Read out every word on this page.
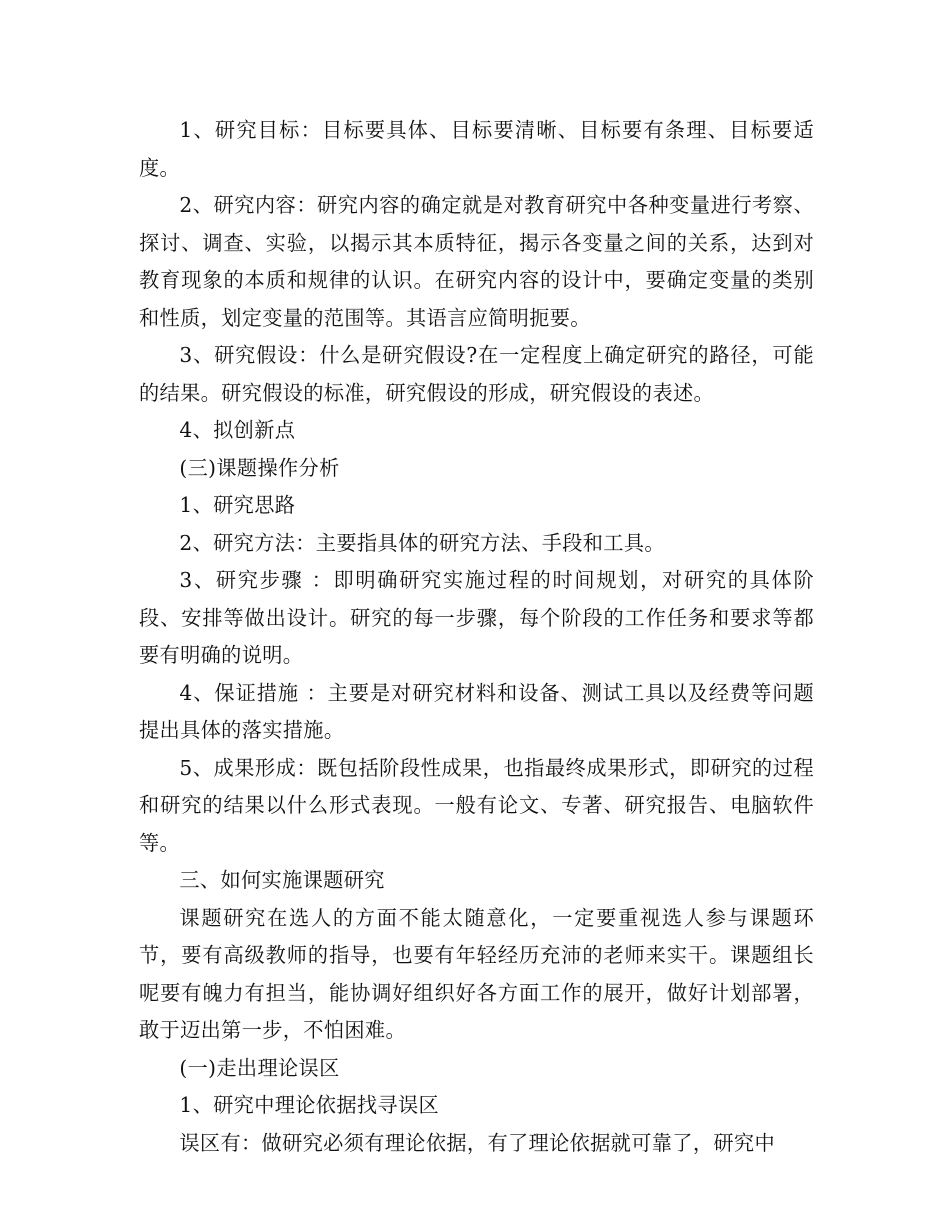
1、研究目标：目标要具体、目标要清晰、目标要有条理、目标要适度。

2、研究内容：研究内容的确定就是对教育研究中各种变量进行考察、探讨、调查、实验，以揭示其本质特征，揭示各变量之间的关系，达到对教育现象的本质和规律的认识。在研究内容的设计中，要确定变量的类别和性质，划定变量的范围等。其语言应简明扼要。

3、研究假设：什么是研究假设?在一定程度上确定研究的路径，可能的结果。研究假设的标准，研究假设的形成，研究假设的表述。

4、拟创新点

(三)课题操作分析

1、研究思路

2、研究方法：主要指具体的研究方法、手段和工具。

3、研究步骤 ：即明确研究实施过程的时间规划，对研究的具体阶段、安排等做出设计。研究的每一步骤，每个阶段的工作任务和要求等都要有明确的说明。

4、保证措施 ：主要是对研究材料和设备、测试工具以及经费等问题提出具体的落实措施。

5、成果形成：既包括阶段性成果，也指最终成果形式，即研究的过程和研究的结果以什么形式表现。一般有论文、专著、研究报告、电脑软件等。

三、如何实施课题研究

课题研究在选人的方面不能太随意化，一定要重视选人参与课题环节，要有高级教师的指导，也要有年轻经历充沛的老师来实干。课题组长呢要有魄力有担当，能协调好组织好各方面工作的展开，做好计划部署，敢于迈出第一步，不怕困难。

(一)走出理论误区

1、研究中理论依据找寻误区

误区有：做研究必须有理论依据，有了理论依据就可靠了，研究中
